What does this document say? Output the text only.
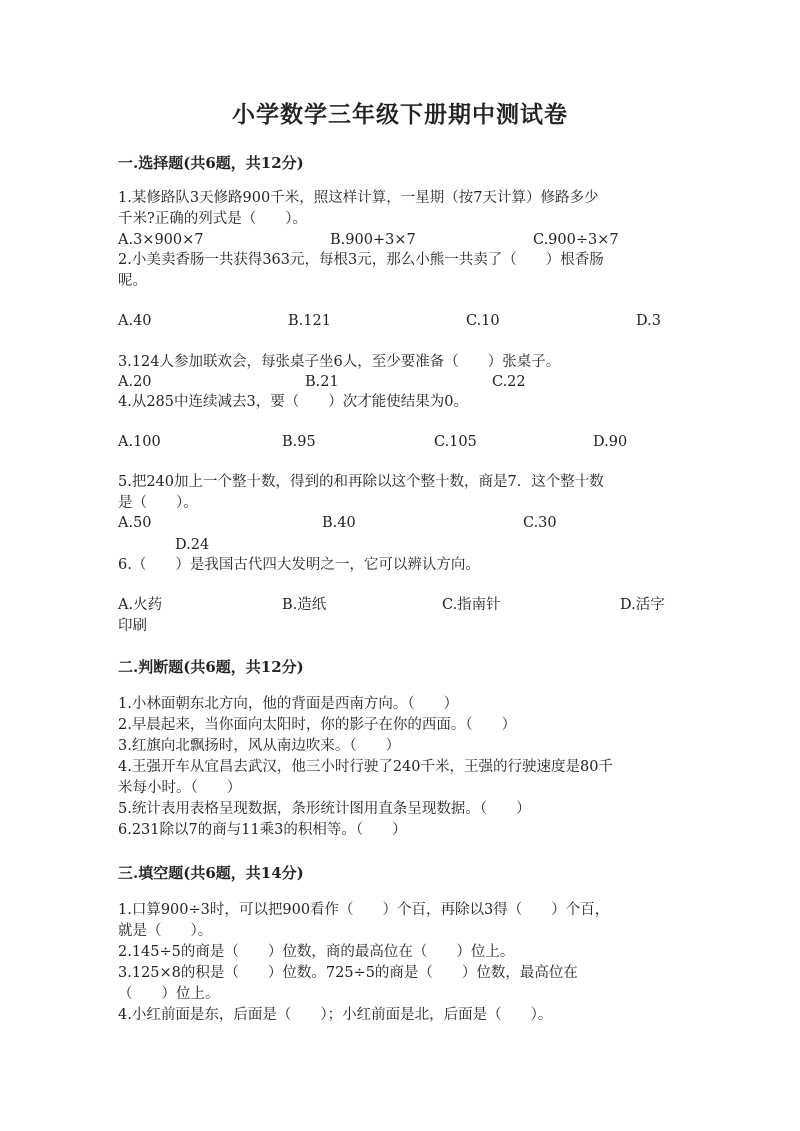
小学数学三年级下册期中测试卷
一.选择题(共6题，共12分)
1.某修路队3天修路900千米，照这样计算，一星期（按7天计算）修路多少
千米?正确的列式是（　　）。
A.3×900×7	B.900+3×7	C.900÷3×7
2.小美卖香肠一共获得363元，每根3元，那么小熊一共卖了（　　）根香肠
呢。
A.40	B.121	C.10	D.3
3.124人参加联欢会，每张桌子坐6人，至少要准备（　　）张桌子。
A.20	B.21	C.22
4.从285中连续减去3，要（　　）次才能使结果为0。
A.100	B.95	C.105	D.90
5.把240加上一个整十数，得到的和再除以这个整十数，商是7．这个整十数
是（　　）。
A.50	B.40	C.30
D.24
6.（　　）是我国古代四大发明之一，它可以辨认方向。
A.火药	B.造纸	C.指南针	D.活字
印刷
二.判断题(共6题，共12分)
1.小林面朝东北方向，他的背面是西南方向。（　　）
2.早晨起来，当你面向太阳时，你的影子在你的西面。（　　）
3.红旗向北飘扬时，风从南边吹来。（　　）
4.王强开车从宜昌去武汉，他三小时行驶了240千米，王强的行驶速度是80千
米每小时。（　　）
5.统计表用表格呈现数据，条形统计图用直条呈现数据。（　　）
6.231除以7的商与11乘3的积相等。（　　）
三.填空题(共6题，共14分)
1.口算900÷3时，可以把900看作（　　）个百，再除以3得（　　）个百，
就是（　　）。
2.145÷5的商是（　　）位数，商的最高位在（　　）位上。
3.125×8的积是（　　）位数。725÷5的商是（　　）位数，最高位在
（　　）位上。
4.小红前面是东，后面是（　　）；小红前面是北，后面是（　　）。
